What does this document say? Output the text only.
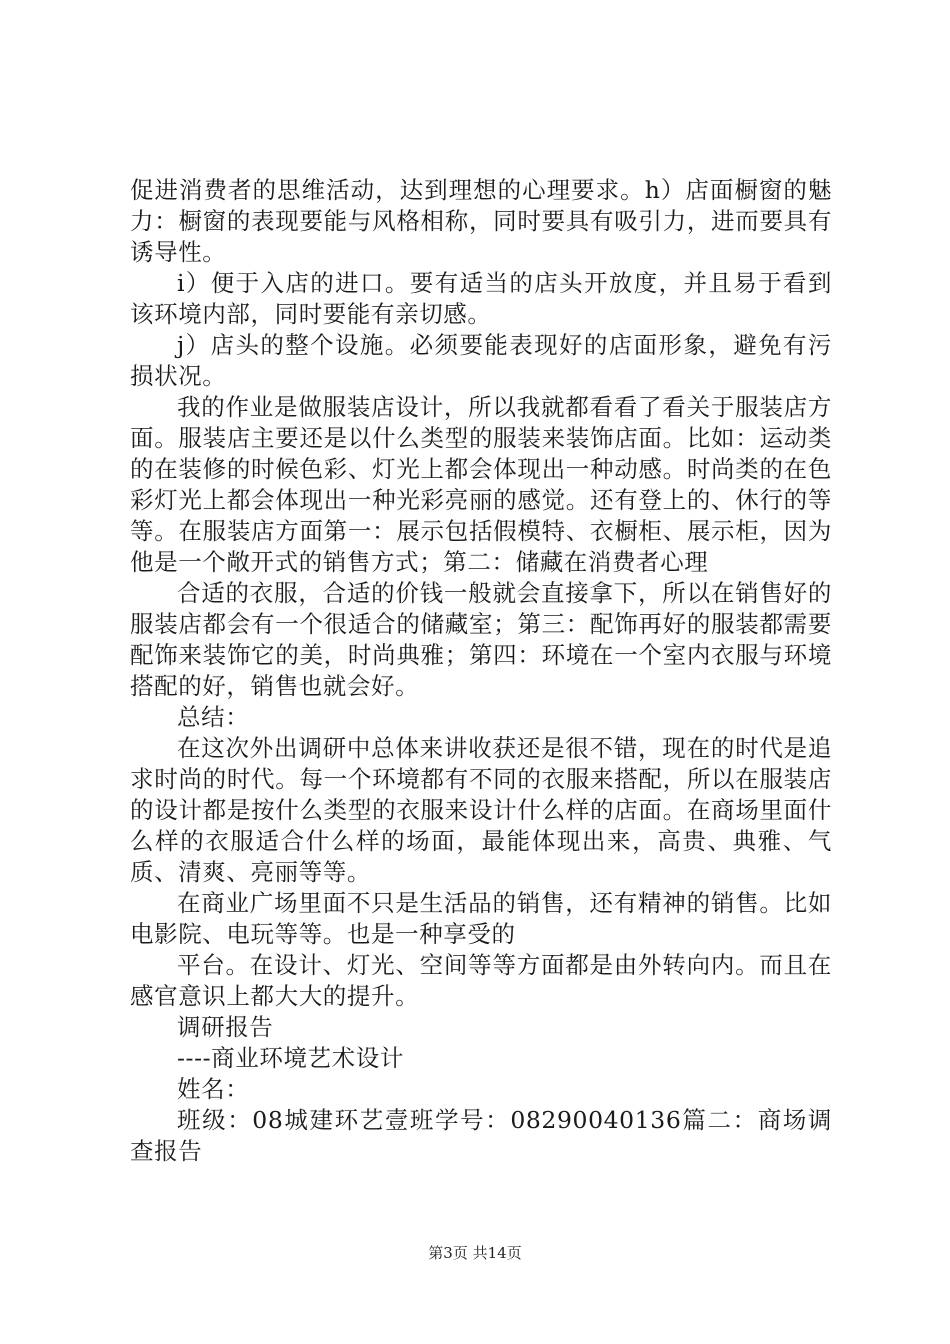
促进消费者的思维活动，达到理想的心理要求。h）店面橱窗的魅力：橱窗的表现要能与风格相称，同时要具有吸引力，进而要具有诱导性。

i）便于入店的进口。要有适当的店头开放度，并且易于看到该环境内部，同时要能有亲切感。

j）店头的整个设施。必须要能表现好的店面形象，避免有污损状况。

我的作业是做服装店设计，所以我就都看看了看关于服装店方面。服装店主要还是以什么类型的服装来装饰店面。比如：运动类的在装修的时候色彩、灯光上都会体现出一种动感。时尚类的在色彩灯光上都会体现出一种光彩亮丽的感觉。还有登上的、休行的等等。在服装店方面第一：展示包括假模特、衣橱柜、展示柜，因为他是一个敞开式的销售方式；第二：储藏在消费者心理

合适的衣服，合适的价钱一般就会直接拿下，所以在销售好的服装店都会有一个很适合的储藏室；第三：配饰再好的服装都需要配饰来装饰它的美，时尚典雅；第四：环境在一个室内衣服与环境搭配的好，销售也就会好。

总结：

在这次外出调研中总体来讲收获还是很不错，现在的时代是追求时尚的时代。每一个环境都有不同的衣服来搭配，所以在服装店的设计都是按什么类型的衣服来设计什么样的店面。在商场里面什么样的衣服适合什么样的场面，最能体现出来，高贵、典雅、气质、清爽、亮丽等等。

在商业广场里面不只是生活品的销售，还有精神的销售。比如电影院、电玩等等。也是一种享受的

平台。在设计、灯光、空间等等方面都是由外转向内。而且在感官意识上都大大的提升。

调研报告

----商业环境艺术设计

姓名：

班级：08城建环艺壹班学号：08290040136篇二：商场调查报告

第3页 共14页
